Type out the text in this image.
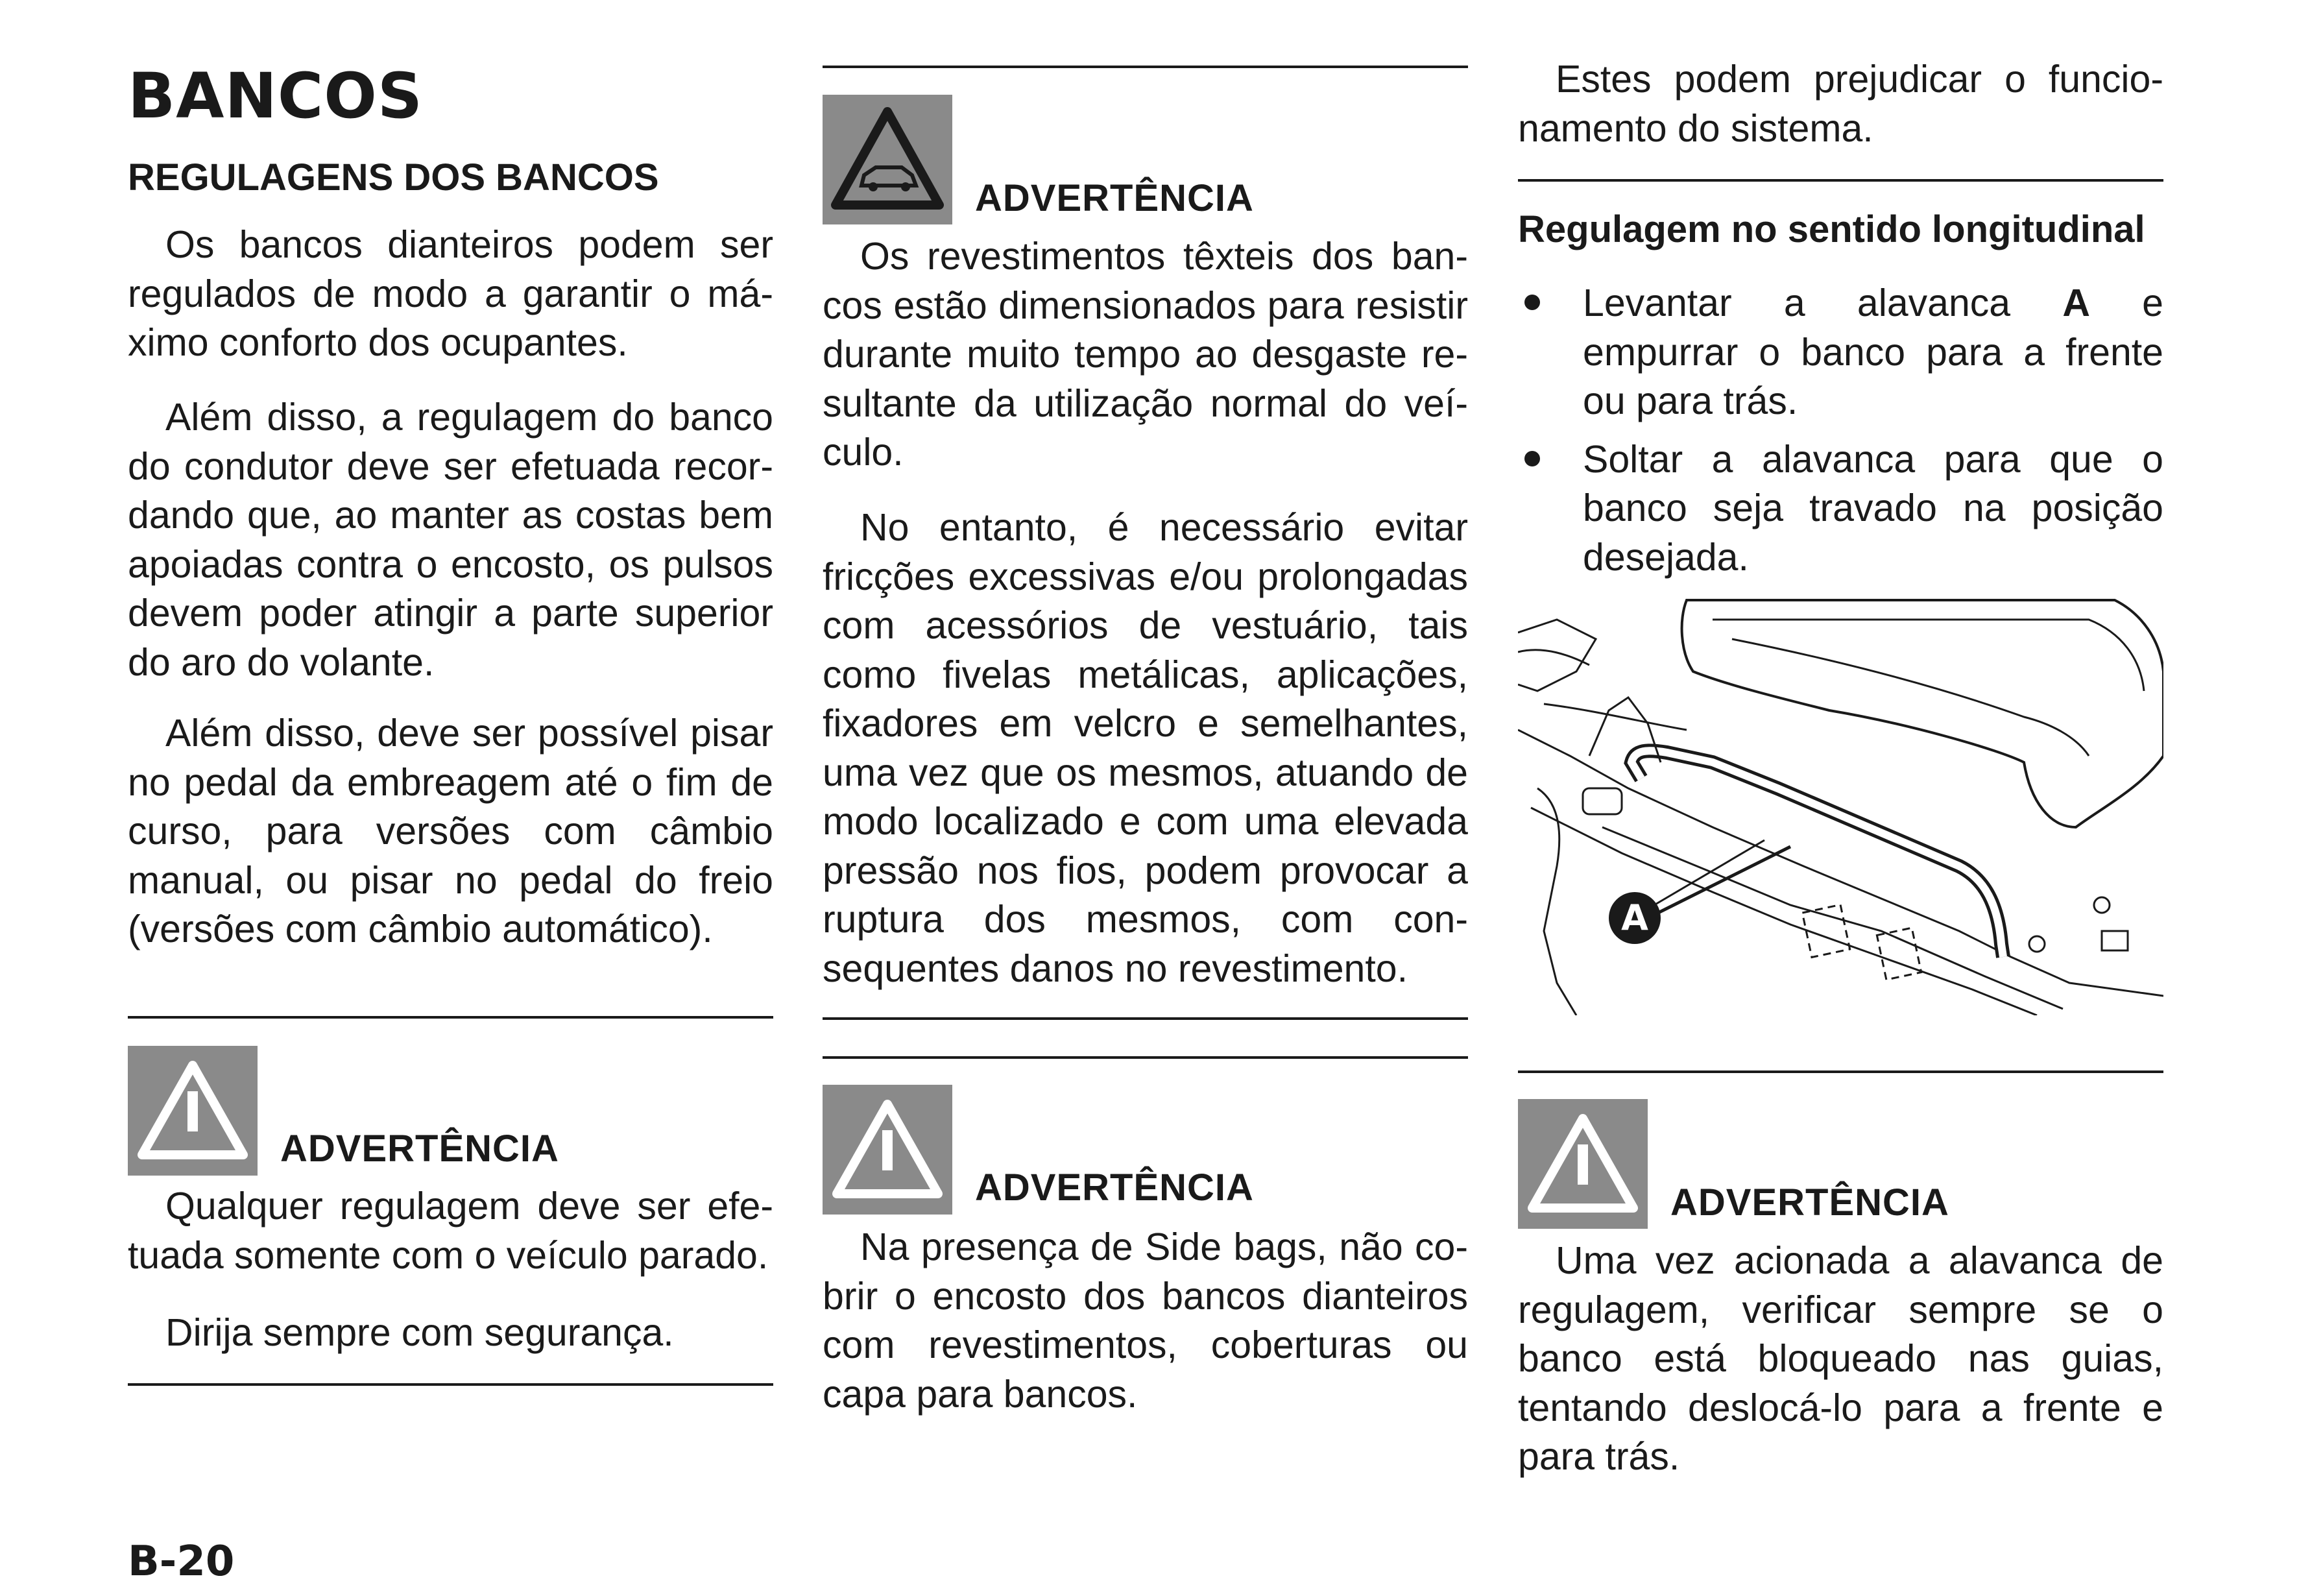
BANCOS
REGULAGENS DOS BANCOS

Os bancos dianteiros podem ser regulados de modo a garantir o máximo conforto dos ocupantes.

Além disso, a regulagem do banco do condutor deve ser efetuada recordando que, ao manter as costas bem apoiadas contra o encosto, os pulsos devem poder atingir a parte superior do aro do volante.

Além disso, deve ser possível pisar no pedal da embreagem até o fim de curso, para versões com câmbio manual, ou pisar no pedal do freio (versões com câmbio automático).

ADVERTÊNCIA

Qualquer regulagem deve ser efetuada somente com o veículo parado.

Dirija sempre com segurança.

ADVERTÊNCIA

Os revestimentos têxteis dos bancos estão dimensionados para resistir durante muito tempo ao desgaste resultante da utilização normal do veículo.

No entanto, é necessário evitar fricções excessivas e/ou prolongadas com acessórios de vestuário, tais como fivelas metálicas, aplicações, fixadores em velcro e semelhantes, uma vez que os mesmos, atuando de modo localizado e com uma elevada pressão nos fios, podem provocar a ruptura dos mesmos, com consequentes danos no revestimento.

ADVERTÊNCIA

Na presença de Side bags, não cobrir o encosto dos bancos dianteiros com revestimentos, coberturas ou capa para bancos.

Estes podem prejudicar o funcionamento do sistema.

Regulagem no sentido longitudinal
Levantar a alavanca A e empurrar o banco para a frente ou para trás.
Soltar a alavanca para que o banco seja travado na posição desejada.
A
ADVERTÊNCIA

Uma vez acionada a alavanca de regulagem, verificar sempre se o banco está bloqueado nas guias, tentando deslocá-lo para a frente e para trás.

B-20
